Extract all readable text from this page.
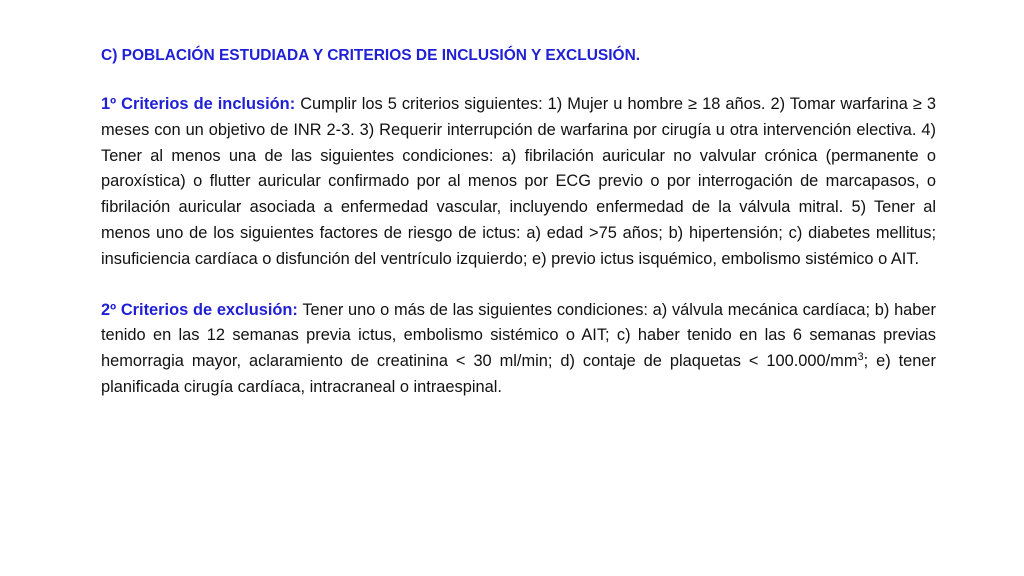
C) POBLACIÓN ESTUDIADA Y CRITERIOS DE INCLUSIÓN Y EXCLUSIÓN.

1º Criterios de inclusión: Cumplir los 5 criterios siguientes: 1) Mujer u hombre ≥ 18 años. 2) Tomar warfarina ≥ 3 meses con un objetivo de INR 2-3. 3) Requerir interrupción de warfarina por cirugía u otra intervención electiva. 4) Tener al menos una de las siguientes condiciones: a) fibrilación auricular no valvular crónica (permanente o paroxística) o flutter auricular confirmado por al menos por ECG previo o por interrogación de marcapasos, o fibrilación auricular asociada a enfermedad vascular, incluyendo enfermedad de la válvula mitral. 5) Tener al menos uno de los siguientes factores de riesgo de ictus: a) edad >75 años; b) hipertensión; c) diabetes mellitus; insuficiencia cardíaca o disfunción del ventrículo izquierdo; e) previo ictus isquémico, embolismo sistémico o AIT.

2º Criterios de exclusión: Tener uno o más de las siguientes condiciones: a) válvula mecánica cardíaca; b) haber tenido en las 12 semanas previa ictus, embolismo sistémico o AIT; c) haber tenido en las 6 semanas previas hemorragia mayor, aclaramiento de creatinina < 30 ml/min; d) contaje de plaquetas < $100.000/mm^3$; e) tener planificada cirugía cardíaca, intracraneal o intraespinal.
